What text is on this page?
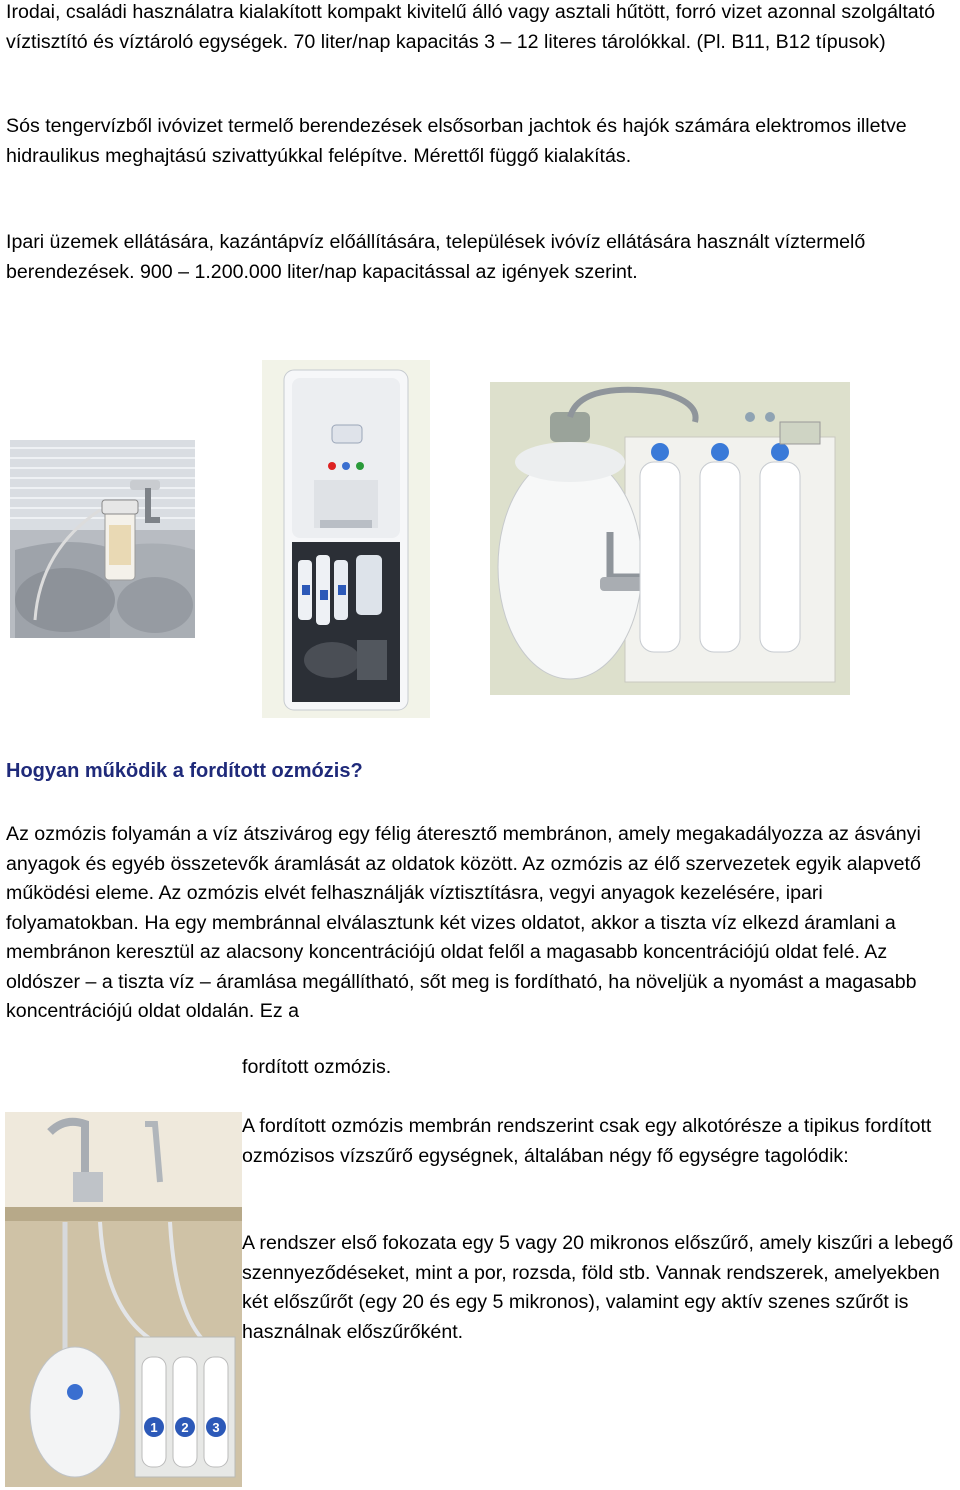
Irodai, családi használatra kialakított kompakt kivitelű álló vagy asztali hűtött, forró vizet azonnal szolgáltató víztisztító és víztároló egységek. 70 liter/nap kapacitás 3 – 12 literes tárolókkal. (Pl. B11, B12 típusok)

Sós tengervízből ivóvizet termelő berendezések elsősorban jachtok és hajók számára elektromos illetve hidraulikus meghajtású szivattyúkkal felépítve. Mérettől függő kialakítás.

Ipari üzemek ellátására, kazántápvíz előállítására, települések ivóvíz ellátására használt víztermelő berendezések. 900 – 1.200.000 liter/nap kapacitással az igények szerint.

Hogyan működik a fordított ozmózis?

Az ozmózis folyamán a víz átszivárog egy félig áteresztő membránon, amely megakadályozza az ásványi anyagok és egyéb összetevők áramlását az oldatok között. Az ozmózis az élő szervezetek egyik alapvető működési eleme. Az ozmózis elvét felhasználják víztisztításra, vegyi anyagok kezelésére, ipari folyamatokban. Ha egy membránnal elválasztunk két vizes oldatot, akkor a tiszta víz elkezd áramlani a membránon keresztül az alacsony koncentrációjú oldat felől a magasabb koncentrációjú oldat felé. Az oldószer – a tiszta víz – áramlása megállítható, sőt meg is fordítható, ha növeljük a nyomást a magasabb koncentrációjú oldat oldalán. Ez a

fordított ozmózis.

1 2 3

A fordított ozmózis membrán rendszerint csak egy alkotórésze a tipikus fordított ozmózisos vízszűrő egységnek, általában négy fő egységre tagolódik:

A rendszer első fokozata egy 5 vagy 20 mikronos előszűrő, amely kiszűri a lebegő szennyeződéseket, mint a por, rozsda, föld stb. Vannak rendszerek, amelyekben két előszűrőt (egy 20 és egy 5 mikronos), valamint egy aktív szenes szűrőt is használnak előszűrőként.
